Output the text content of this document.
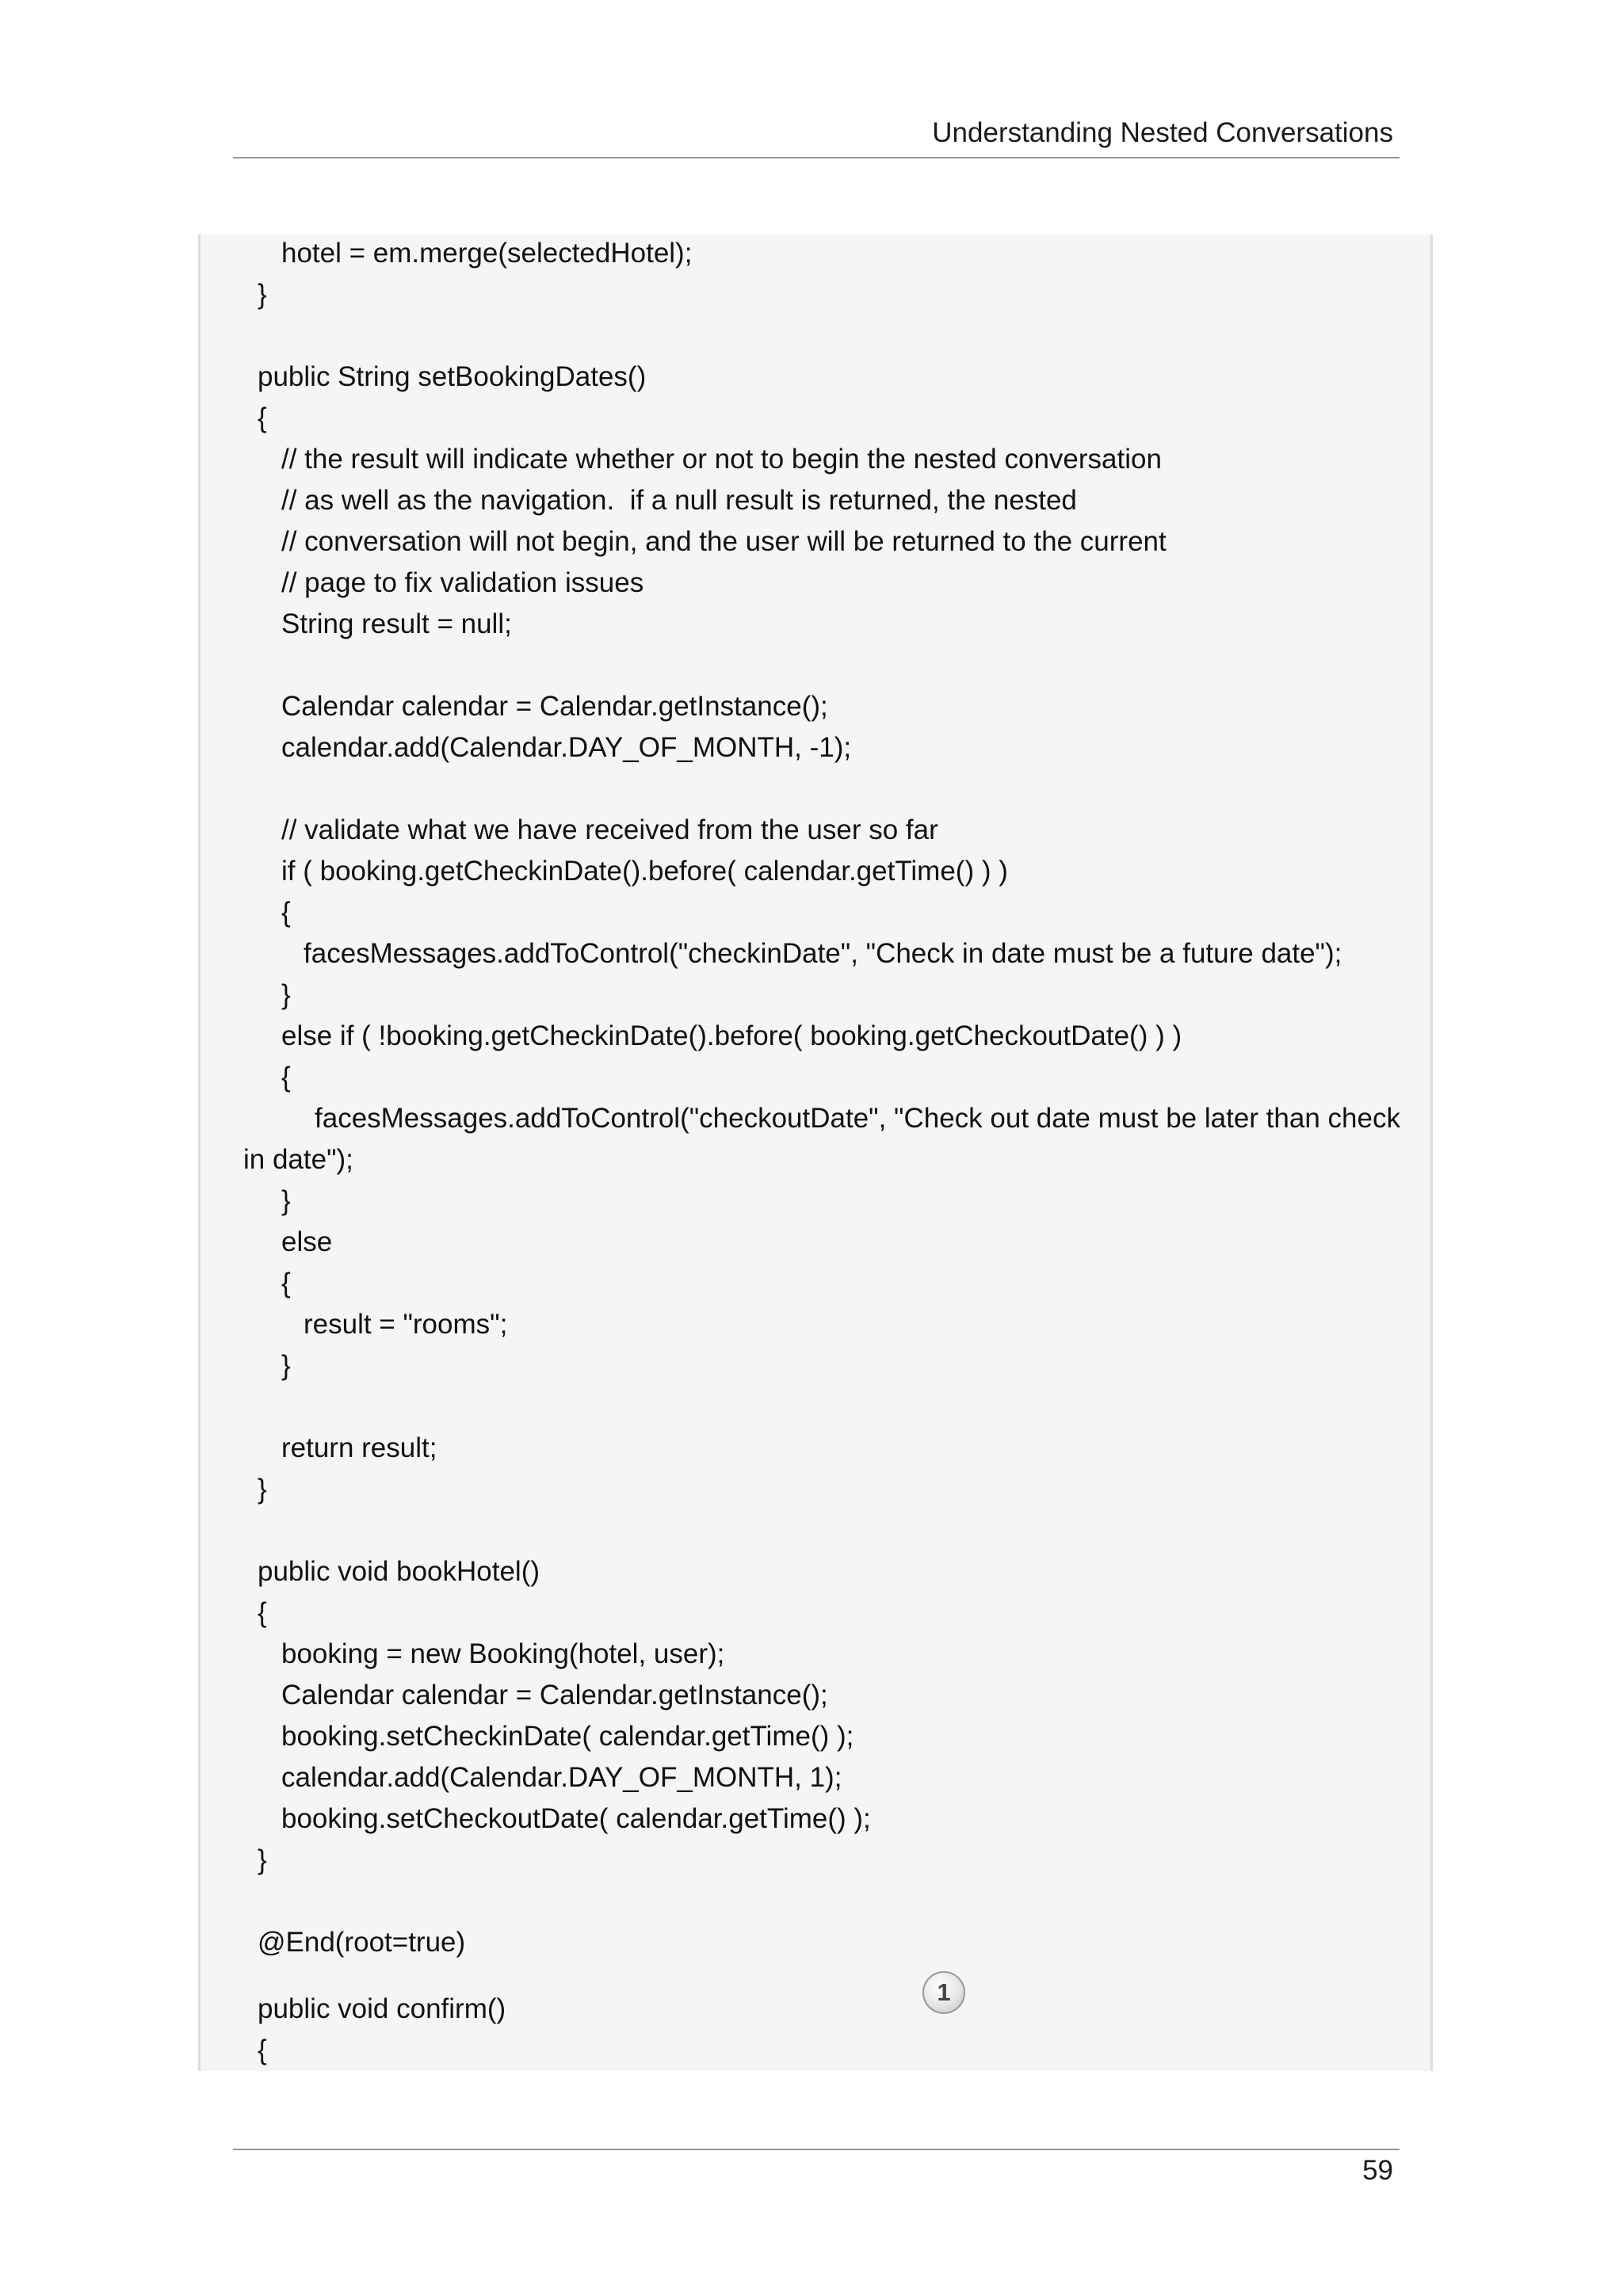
Understanding Nested Conversations
hotel = em.merge(selectedHotel);
}
public String setBookingDates()
{
// the result will indicate whether or not to begin the nested conversation
// as well as the navigation.  if a null result is returned, the nested
// conversation will not begin, and the user will be returned to the current
// page to fix validation issues
String result = null;
Calendar calendar = Calendar.getInstance();
calendar.add(Calendar.DAY_OF_MONTH, -1);
// validate what we have received from the user so far
if ( booking.getCheckinDate().before( calendar.getTime() ) )
{
facesMessages.addToControl("checkinDate", "Check in date must be a future date");
}
else if ( !booking.getCheckinDate().before( booking.getCheckoutDate() ) )
{
facesMessages.addToControl("checkoutDate", "Check out date must be later than check
in date");
}
else
{
result = "rooms";
}
return result;
}
public void bookHotel()
{
booking = new Booking(hotel, user);
Calendar calendar = Calendar.getInstance();
booking.setCheckinDate( calendar.getTime() );
calendar.add(Calendar.DAY_OF_MONTH, 1);
booking.setCheckoutDate( calendar.getTime() );
}
@End(root=true)
public void confirm()
{
1
59
